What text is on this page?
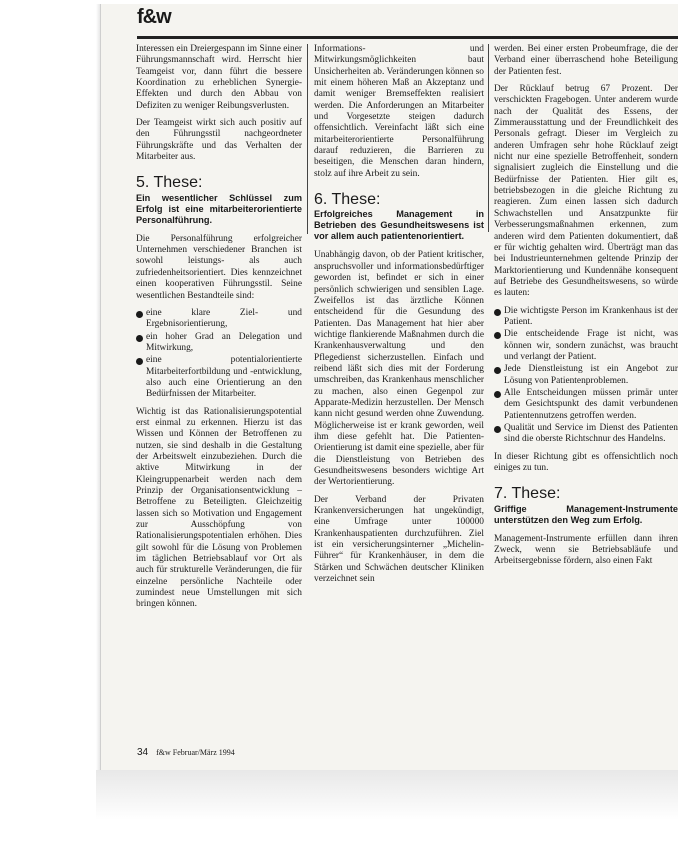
f&w

Interessen ein Dreiergespann im Sinne einer Führungsmannschaft wird. Herrscht hier Teamgeist vor, dann führt die bessere Koordination zu erheblichen Synergie-Effekten und durch den Abbau von Defiziten zu weniger Reibungsverlusten.

Der Teamgeist wirkt sich auch positiv auf den Führungsstil nachgeordneter Führungskräfte und das Verhalten der Mitarbeiter aus.

5. These:

Ein wesentlicher Schlüssel zum Erfolg ist eine mitarbeiterorientierte Personalführung.

Die Personalführung erfolgreicher Unternehmen verschiedener Branchen ist sowohl leistungs- als auch zufriedenheitsorientiert. Dies kennzeichnet einen kooperativen Führungsstil. Seine wesentlichen Bestandteile sind:

eine klare Ziel- und Ergebnisorientierung,
ein hoher Grad an Delegation und Mitwirkung,
eine potentialorientierte Mitarbeiterfortbildung und -entwicklung, also auch eine Orientierung an den Bedürfnissen der Mitarbeiter.

Wichtig ist das Rationalisierungspotential erst einmal zu erkennen. Hierzu ist das Wissen und Können der Betroffenen zu nutzen, sie sind deshalb in die Gestaltung der Arbeitswelt einzubeziehen. Durch die aktive Mitwirkung in der Kleingruppenarbeit werden nach dem Prinzip der Organisationsentwicklung – Betroffene zu Beteiligten. Gleichzeitig lassen sich so Motivation und Engagement zur Ausschöpfung von Rationalisierungspotentialen erhöhen. Dies gilt sowohl für die Lösung von Problemen im täglichen Betriebsablauf vor Ort als auch für strukturelle Veränderungen, die für einzelne persönliche Nachteile oder zumindest neue Umstellungen mit sich bringen können.

Informations- und Mitwirkungsmöglichkeiten baut Unsicherheiten ab. Veränderungen können so mit einem höheren Maß an Akzeptanz und damit weniger Bremseffekten realisiert werden. Die Anforderungen an Mitarbeiter und Vorgesetzte steigen dadurch offensichtlich. Vereinfacht läßt sich eine mitarbeiterorientierte Personalführung darauf reduzieren, die Barrieren zu beseitigen, die Menschen daran hindern, stolz auf ihre Arbeit zu sein.

6. These:

Erfolgreiches Management in Betrieben des Gesundheitswesens ist vor allem auch patientenorientiert.

Unabhängig davon, ob der Patient kritischer, anspruchsvoller und informationsbedürftiger geworden ist, befindet er sich in einer persönlich schwierigen und sensiblen Lage. Zweifellos ist das ärztliche Können entscheidend für die Gesundung des Patienten. Das Management hat hier aber wichtige flankierende Maßnahmen durch die Krankenhausverwaltung und den Pflegedienst sicherzustellen. Einfach und reibend läßt sich dies mit der Forderung umschreiben, das Krankenhaus menschlicher zu machen, also einen Gegenpol zur Apparate-Medizin herzustellen. Der Mensch kann nicht gesund werden ohne Zuwendung. Möglicherweise ist er krank geworden, weil ihm diese gefehlt hat. Die Patienten-Orientierung ist damit eine spezielle, aber für die Dienstleistung von Betrieben des Gesundheitswesens besonders wichtige Art der Wertorientierung.

Der Verband der Privaten Krankenversicherungen hat ungekündigt, eine Umfrage unter 100000 Krankenhauspatienten durchzuführen. Ziel ist ein versicherungsinterner „Michelin-Führer“ für Krankenhäuser, in dem die Stärken und Schwächen deutscher Kliniken verzeichnet sein

werden. Bei einer ersten Probeumfrage, die der Verband einer überraschend hohe Beteiligung der Patienten fest.

Der Rücklauf betrug 67 Prozent. Der verschickten Fragebogen. Unter anderem wurde nach der Qualität des Essens, der Zimmerausstattung und der Freundlichkeit des Personals gefragt. Dieser im Vergleich zu anderen Umfragen sehr hohe Rücklauf zeigt nicht nur eine spezielle Betroffenheit, sondern signalisiert zugleich die Einstellung und die Bedürfnisse der Patienten. Hier gilt es, betriebsbezogen in die gleiche Richtung zu reagieren. Zum einen lassen sich dadurch Schwachstellen und Ansatzpunkte für Verbesserungsmaßnahmen erkennen, zum anderen wird dem Patienten dokumentiert, daß er für wichtig gehalten wird. Überträgt man das bei Industrieunternehmen geltende Prinzip der Marktorientierung und Kundennähe konsequent auf Betriebe des Gesundheitswesens, so würde es lauten:

Die wichtigste Person im Krankenhaus ist der Patient.
Die entscheidende Frage ist nicht, was können wir, sondern zunächst, was braucht und verlangt der Patient.
Jede Dienstleistung ist ein Angebot zur Lösung von Patientenproblemen.
Alle Entscheidungen müssen primär unter dem Gesichtspunkt des damit verbundenen Patientennutzens getroffen werden.
Qualität und Service im Dienst des Patienten sind die oberste Richtschnur des Handelns.

In dieser Richtung gibt es offensichtlich noch einiges zu tun.

7. These:

Griffige Management-Instrumente unterstützen den Weg zum Erfolg.

Management-Instrumente erfüllen dann ihren Zweck, wenn sie Betriebsabläufe und Arbeitsergebnisse fördern, also einen Fakt

34 f&w Februar/März 1994
